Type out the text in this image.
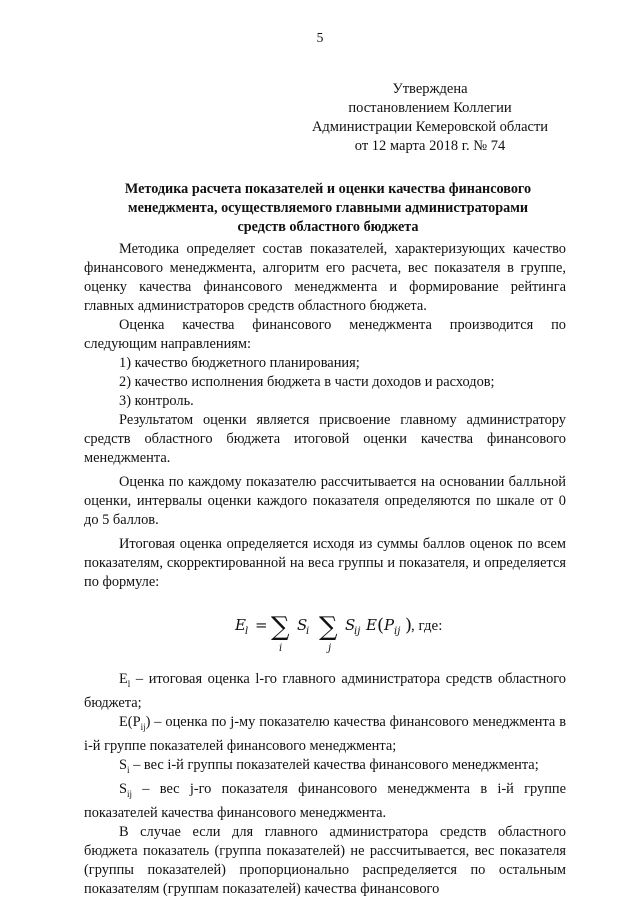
5
Утверждена
постановлением Коллегии
Администрации Кемеровской области
от 12 марта 2018 г. № 74
Методика расчета показателей и оценки качества финансового
менеджмента, осуществляемого главными администраторами
средств областного бюджета

Методика определяет состав показателей, характеризующих качество финансового менеджмента, алгоритм его расчета, вес показателя в группе, оценку качества финансового менеджмента и формирование рейтинга главных администраторов средств областного бюджета.

Оценка качества финансового менеджмента производится по следующим направлениям:

1) качество бюджетного планирования;

2) качество исполнения бюджета в части доходов и расходов;

3) контроль.

Результатом оценки является присвоение главному администратору средств областного бюджета итоговой оценки качества финансового менеджмента.

Оценка по каждому показателю рассчитывается на основании балльной оценки, интервалы оценки каждого показателя определяются по шкале от 0 до 5 баллов.

Итоговая оценка определяется исходя из суммы баллов оценок по всем показателям, скорректированной на веса группы и показателя, и определяется по формуле:

E l = ∑
i
S
i ∑
j
S
ij E ( P ij )
, где:

$E_l$ – итоговая оценка l-го главного администратора средств областного бюджета;

$E(P_{ij})$ – оценка по j-му показателю качества финансового менеджмента в i-й группе показателей финансового менеджмента;

$S_i$ – вес i-й группы показателей качества финансового менеджмента;

$S_{ij}$ – вес j-го показателя финансового менеджмента в i-й группе показателей качества финансового менеджмента.

В случае если для главного администратора средств областного бюджета показатель (группа показателей) не рассчитывается, вес показателя (группы показателей) пропорционально распределяется по остальным показателям (группам показателей) качества финансового
